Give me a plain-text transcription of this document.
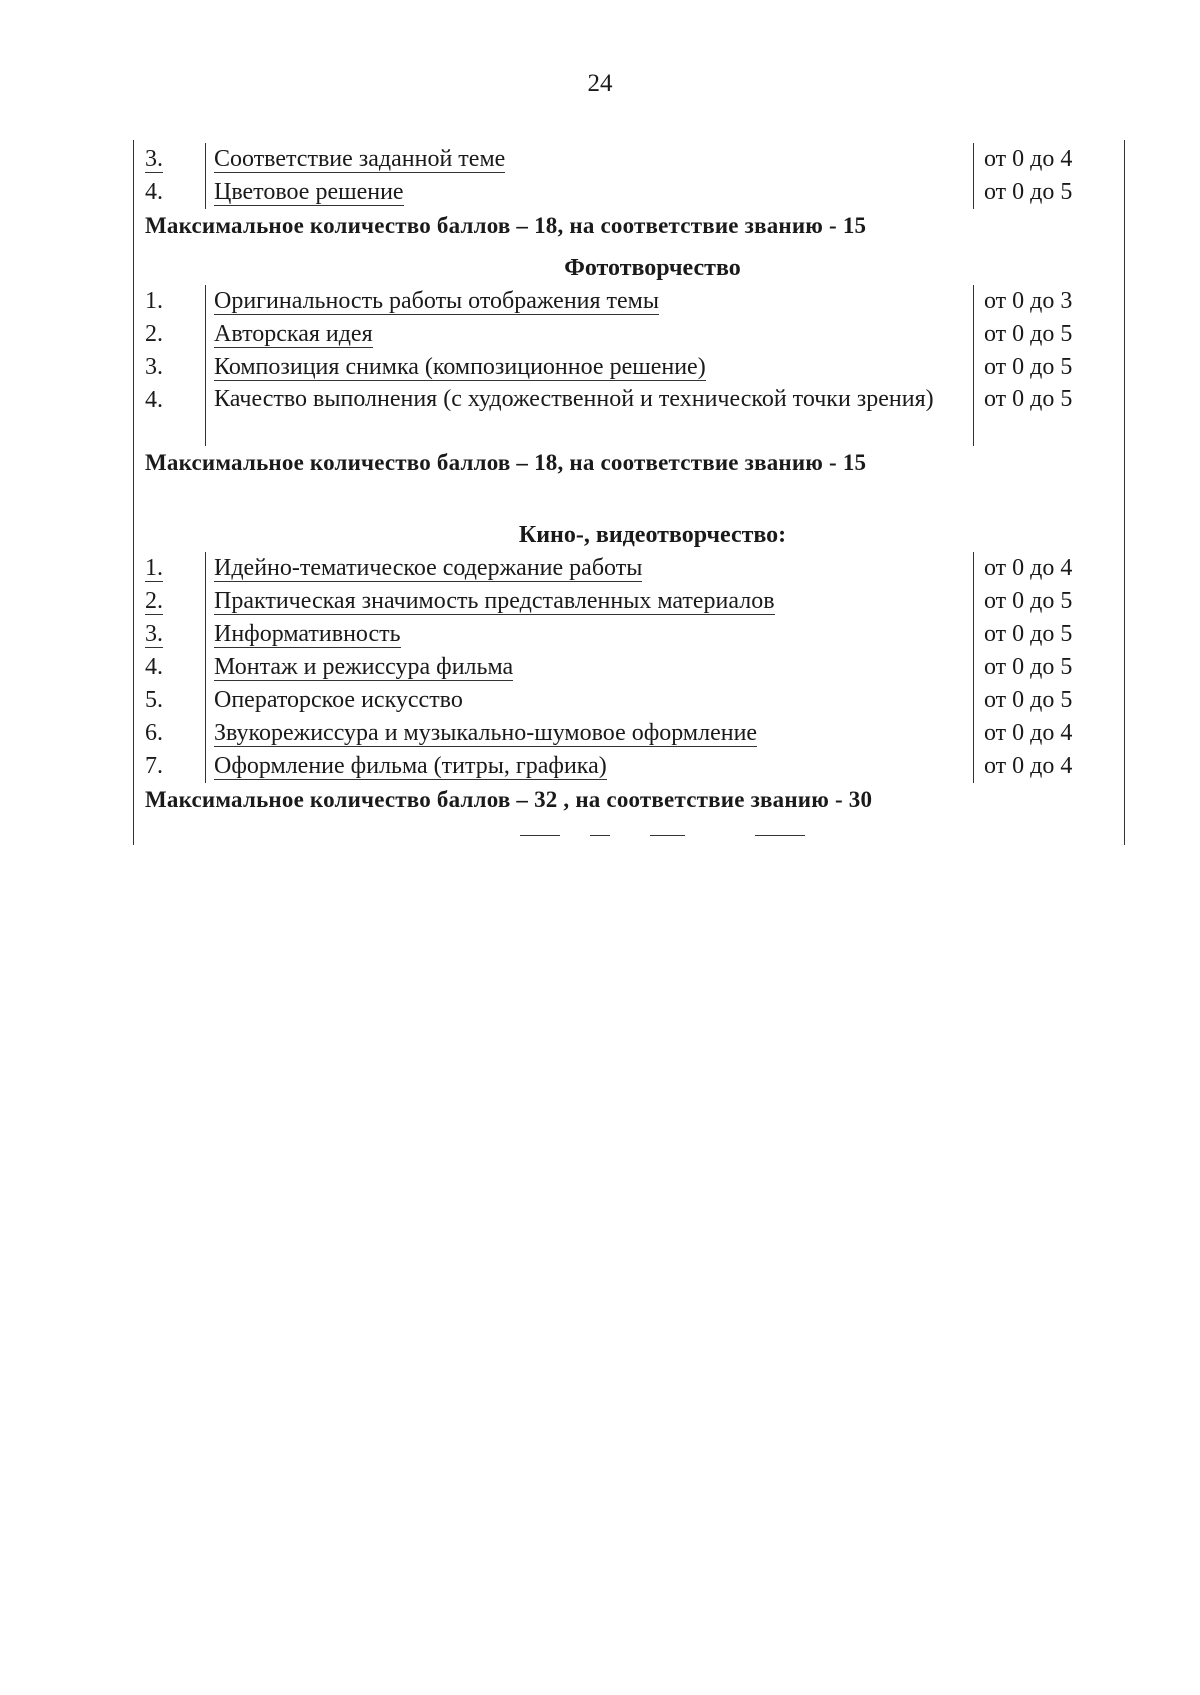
24
3.	Соответствие заданной теме	от 0 до 4
4.	Цветовое решение	от 0 до 5
Максимальное количество баллов – 18, на соответствие званию - 15
Фототворчество
1.	Оригинальность работы отображения темы	от 0 до 3
2.	Авторская идея	от 0 до 5
3.	Композиция снимка (композиционное решение)	от 0 до 5
4.	Качество выполнения (с художественной и технической точки зрения)	от 0 до 5
Максимальное количество баллов – 18, на соответствие званию - 15
Кино-, видеотворчество:
1.	Идейно-тематическое содержание работы	от 0 до 4
2.	Практическая значимость представленных материалов	от 0 до 5
3.	Информативность	от 0 до 5
4.	Монтаж и режиссура фильма	от 0 до 5
5.	Операторское искусство	от 0 до 5
6.	Звукорежиссура и музыкально-шумовое оформление	от 0 до 4
7.	Оформление фильма (титры, графика)	от 0 до 4
Максимальное количество баллов – 32 , на соответствие званию - 30
